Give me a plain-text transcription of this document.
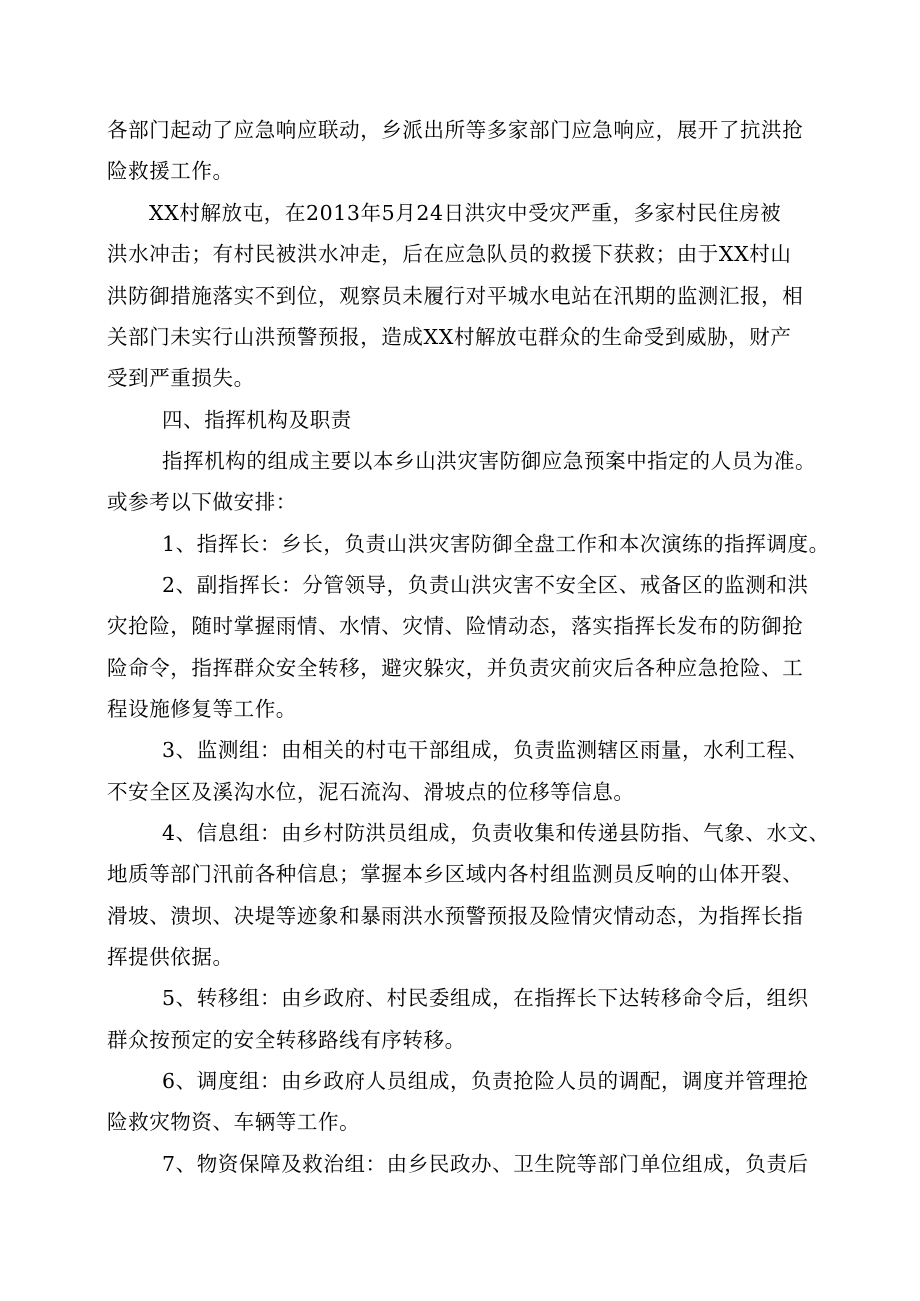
各部门起动了应急响应联动，乡派出所等多家部门应急响应，展开了抗洪抢
险救援工作。
XX村解放屯，在2013年5月24日洪灾中受灾严重，多家村民住房被
洪水冲击；有村民被洪水冲走，后在应急队员的救援下获救；由于XX村山
洪防御措施落实不到位，观察员未履行对平城水电站在汛期的监测汇报，相
关部门未实行山洪预警预报，造成XX村解放屯群众的生命受到威胁，财产
受到严重损失。
四、指挥机构及职责
指挥机构的组成主要以本乡山洪灾害防御应急预案中指定的人员为准。
或参考以下做安排：
1、指挥长：乡长，负责山洪灾害防御全盘工作和本次演练的指挥调度。
2、副指挥长：分管领导，负责山洪灾害不安全区、戒备区的监测和洪
灾抢险，随时掌握雨情、水情、灾情、险情动态，落实指挥长发布的防御抢
险命令，指挥群众安全转移，避灾躲灾，并负责灾前灾后各种应急抢险、工
程设施修复等工作。
3、监测组：由相关的村屯干部组成，负责监测辖区雨量，水利工程、
不安全区及溪沟水位，泥石流沟、滑坡点的位移等信息。
4、信息组：由乡村防洪员组成，负责收集和传递县防指、气象、水文、
地质等部门汛前各种信息；掌握本乡区域内各村组监测员反响的山体开裂、
滑坡、溃坝、决堤等迹象和暴雨洪水预警预报及险情灾情动态，为指挥长指
挥提供依据。
5、转移组：由乡政府、村民委组成，在指挥长下达转移命令后，组织
群众按预定的安全转移路线有序转移。
6、调度组：由乡政府人员组成，负责抢险人员的调配，调度并管理抢
险救灾物资、车辆等工作。
7、物资保障及救治组：由乡民政办、卫生院等部门单位组成，负责后
